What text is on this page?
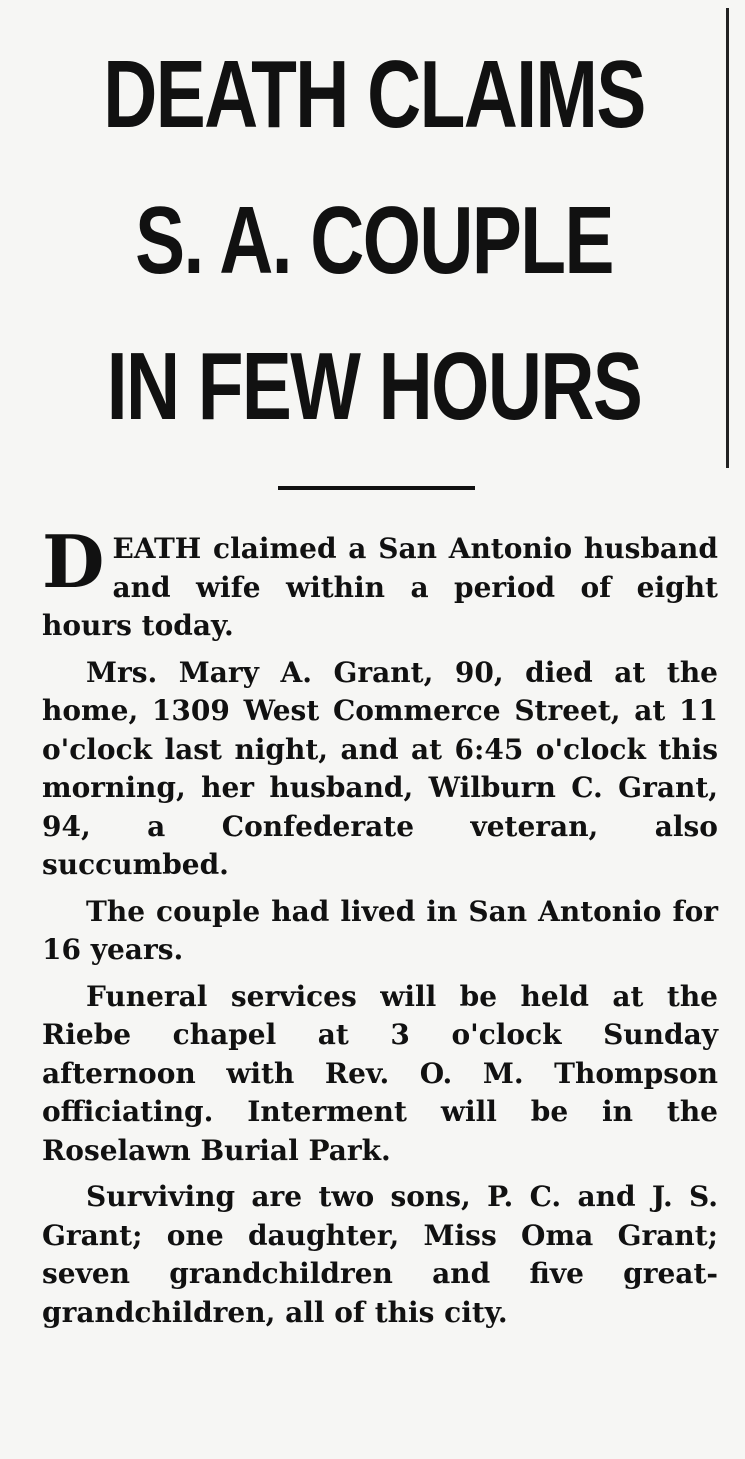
DEATH CLAIMS
S. A. COUPLE
IN FEW HOURS

DEATH claimed a San Antonio husband and wife within a period of eight hours today.

Mrs. Mary A. Grant, 90, died at the home, 1309 West Commerce Street, at 11 o'clock last night, and at 6:45 o'clock this morning, her husband, Wilburn C. Grant, 94, a Confederate veteran, also succumbed.

The couple had lived in San Antonio for 16 years.

Funeral services will be held at the Riebe chapel at 3 o'clock Sunday afternoon with Rev. O. M. Thompson officiating. Interment will be in the Roselawn Burial Park.

Surviving are two sons, P. C. and J. S. Grant; one daughter, Miss Oma Grant; seven grandchildren and five great-grandchildren, all of this city.
